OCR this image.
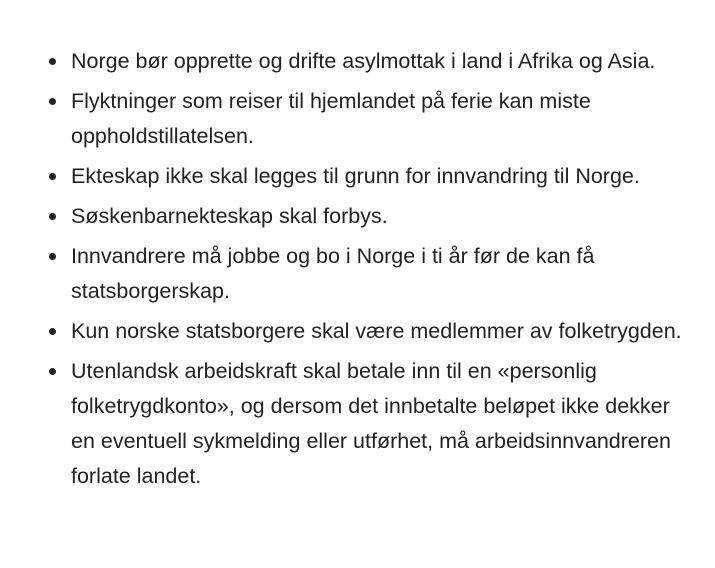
Norge bør opprette og drifte asylmottak i land i Afrika og Asia.
Flyktninger som reiser til hjemlandet på ferie kan miste oppholdstillatelsen.
Ekteskap ikke skal legges til grunn for innvandring til Norge.
Søskenbarnekteskap skal forbys.
Innvandrere må jobbe og bo i Norge i ti år før de kan få statsborgerskap.
Kun norske statsborgere skal være medlemmer av folketrygden.
Utenlandsk arbeidskraft skal betale inn til en «personlig folketrygdkonto», og dersom det innbetalte beløpet ikke dekker en eventuell sykmelding eller utførhet, må arbeidsinnvandreren forlate landet.
